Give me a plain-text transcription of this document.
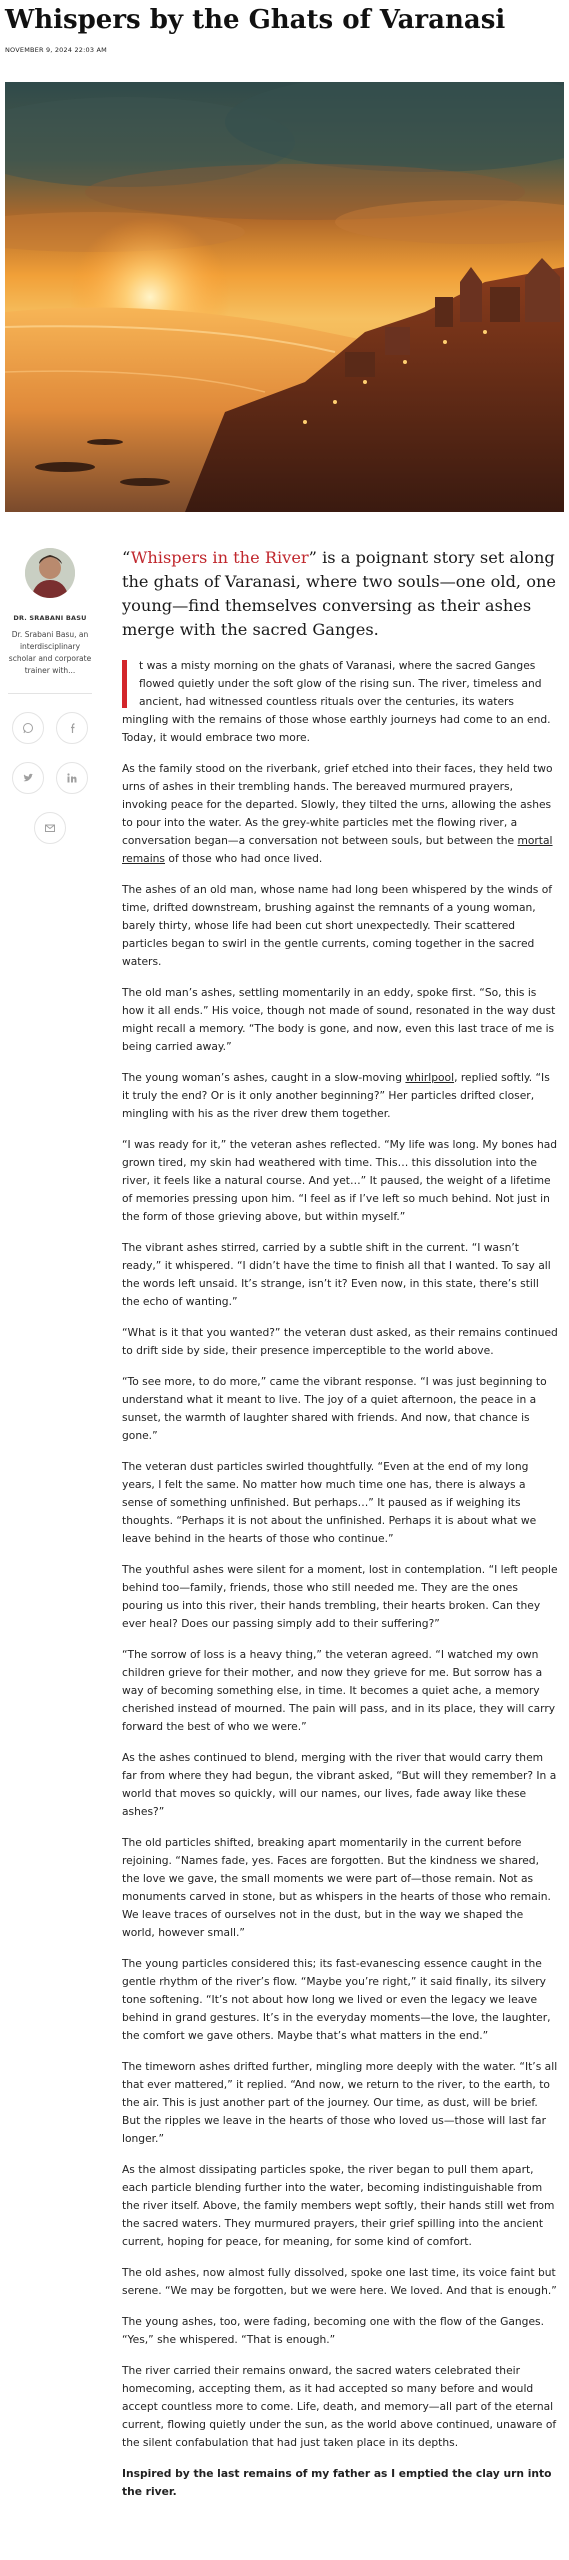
Whispers by the Ghats of Varanasi
NOVEMBER 9, 2024 22:03 AM
DR. SRABANI BASU
Dr. Srabani Basu, an interdisciplinary scholar and corporate trainer with...

“Whispers in the River” is a poignant story set along the ghats of Varanasi, where two souls—one old, one young—find themselves conversing as their ashes merge with the sacred Ganges.

t was a misty morning on the ghats of Varanasi, where the sacred Ganges flowed quietly under the soft glow of the rising sun. The river, timeless and ancient, had witnessed countless rituals over the centuries, its waters mingling with the remains of those whose earthly journeys had come to an end. Today, it would embrace two more.

As the family stood on the riverbank, grief etched into their faces, they held two urns of ashes in their trembling hands. The bereaved murmured prayers, invoking peace for the departed. Slowly, they tilted the urns, allowing the ashes to pour into the water. As the grey-white particles met the flowing river, a conversation began—a conversation not between souls, but between the mortal remains of those who had once lived.

The ashes of an old man, whose name had long been whispered by the winds of time, drifted downstream, brushing against the remnants of a young woman, barely thirty, whose life had been cut short unexpectedly. Their scattered particles began to swirl in the gentle currents, coming together in the sacred waters.

The old man’s ashes, settling momentarily in an eddy, spoke first. “So, this is how it all ends.” His voice, though not made of sound, resonated in the way dust might recall a memory. “The body is gone, and now, even this last trace of me is being carried away.”

The young woman’s ashes, caught in a slow-moving whirlpool, replied softly. “Is it truly the end? Or is it only another beginning?” Her particles drifted closer, mingling with his as the river drew them together.

“I was ready for it,” the veteran ashes reflected. “My life was long. My bones had grown tired, my skin had weathered with time. This… this dissolution into the river, it feels like a natural course. And yet…” It paused, the weight of a lifetime of memories pressing upon him. “I feel as if I’ve left so much behind. Not just in the form of those grieving above, but within myself.”

The vibrant ashes stirred, carried by a subtle shift in the current. “I wasn’t ready,” it whispered. “I didn’t have the time to finish all that I wanted. To say all the words left unsaid. It’s strange, isn’t it? Even now, in this state, there’s still the echo of wanting.”

“What is it that you wanted?” the veteran dust asked, as their remains continued to drift side by side, their presence imperceptible to the world above.

“To see more, to do more,” came the vibrant response. “I was just beginning to understand what it meant to live. The joy of a quiet afternoon, the peace in a sunset, the warmth of laughter shared with friends. And now, that chance is gone.”

The veteran dust particles swirled thoughtfully. “Even at the end of my long years, I felt the same. No matter how much time one has, there is always a sense of something unfinished. But perhaps…” It paused as if weighing its thoughts. “Perhaps it is not about the unfinished. Perhaps it is about what we leave behind in the hearts of those who continue.”

The youthful ashes were silent for a moment, lost in contemplation. “I left people behind too—family, friends, those who still needed me. They are the ones pouring us into this river, their hands trembling, their hearts broken. Can they ever heal? Does our passing simply add to their suffering?”

“The sorrow of loss is a heavy thing,” the veteran agreed. “I watched my own children grieve for their mother, and now they grieve for me. But sorrow has a way of becoming something else, in time. It becomes a quiet ache, a memory cherished instead of mourned. The pain will pass, and in its place, they will carry forward the best of who we were.”

As the ashes continued to blend, merging with the river that would carry them far from where they had begun, the vibrant asked, “But will they remember? In a world that moves so quickly, will our names, our lives, fade away like these ashes?”

The old particles shifted, breaking apart momentarily in the current before rejoining. “Names fade, yes. Faces are forgotten. But the kindness we shared, the love we gave, the small moments we were part of—those remain. Not as monuments carved in stone, but as whispers in the hearts of those who remain. We leave traces of ourselves not in the dust, but in the way we shaped the world, however small.”

The young particles considered this; its fast-evanescing essence caught in the gentle rhythm of the river’s flow. “Maybe you’re right,” it said finally, its silvery tone softening. “It’s not about how long we lived or even the legacy we leave behind in grand gestures. It’s in the everyday moments—the love, the laughter, the comfort we gave others. Maybe that’s what matters in the end.”

The timeworn ashes drifted further, mingling more deeply with the water. “It’s all that ever mattered,” it replied. “And now, we return to the river, to the earth, to the air. This is just another part of the journey. Our time, as dust, will be brief. But the ripples we leave in the hearts of those who loved us—those will last far longer.”

As the almost dissipating particles spoke, the river began to pull them apart, each particle blending further into the water, becoming indistinguishable from the river itself. Above, the family members wept softly, their hands still wet from the sacred waters. They murmured prayers, their grief spilling into the ancient current, hoping for peace, for meaning, for some kind of comfort.

The old ashes, now almost fully dissolved, spoke one last time, its voice faint but serene. “We may be forgotten, but we were here. We loved. And that is enough.”

The young ashes, too, were fading, becoming one with the flow of the Ganges. “Yes,” she whispered. “That is enough.”

The river carried their remains onward, the sacred waters celebrated their homecoming, accepting them, as it had accepted so many before and would accept countless more to come. Life, death, and memory—all part of the eternal current, flowing quietly under the sun, as the world above continued, unaware of the silent confabulation that had just taken place in its depths.

Inspired by the last remains of my father as I emptied the clay urn into the river.
